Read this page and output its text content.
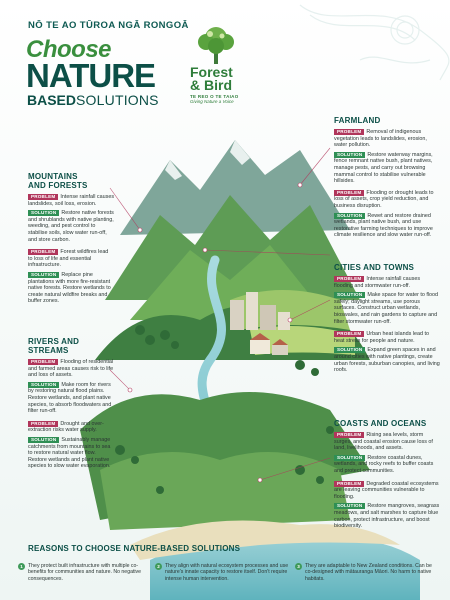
NŌ TE AO TŪROA NGĀ RONGOĀ
Choose
NATURE
BASEDSOLUTIONS
Forest
& Bird
TE REO O TE TAIAO
Giving Nature a Voice
FARMLAND
PROBLEM Removal of indigenous vegetation leads to landslides, erosion, water pollution.
SOLUTION Restore waterway margins, fence remnant native bush, plant natives, manage pests, and carry out browsing mammal control to stabilise vulnerable hillsides.
PROBLEM Flooding or drought leads to loss of assets, crop yield reduction, and business disruption.
SOLUTION Rewet and restore drained wetlands, plant native bush, and use restorative farming techniques to improve climate resilience and slow water run-off.
MOUNTAINS
AND FORESTS
PROBLEM Intense rainfall causes landslides, soil loss, erosion.
SOLUTION Restore native forests and shrublands with native planting, weeding, and pest control to stabilise soils, slow water run-off, and store carbon.
PROBLEM Forest wildfires lead to loss of life and essential infrastructure.
SOLUTION Replace pine plantations with more fire-resistant native forests. Restore wetlands to create natural wildfire breaks and buffer zones.
CITIES AND TOWNS
PROBLEM Intense rainfall causes flooding and stormwater run-off.
SOLUTION Make space for water to flood safely; daylight streams, use porous surfaces. Construct urban wetlands, bioswales, and rain gardens to capture and filter stormwater run-off.
PROBLEM Urban heat islands lead to heat stress for people and nature.
SOLUTION Expand green spaces in and around cities with native plantings, create urban forests, suburban canopies, and living roofs.
RIVERS AND
STREAMS
PROBLEM Flooding of residential and farmed areas causes risk to life and loss of assets.
SOLUTION Make room for rivers by restoring natural flood plains. Restore wetlands, and plant native species, to absorb floodwaters and filter run-off.
PROBLEM Drought and over-extraction risks water supply.
SOLUTION Sustainably manage catchments from mountains to sea to restore natural water flow. Restore wetlands and plant native species to slow water evaporation.
COASTS AND OCEANS
PROBLEM Rising sea levels, storm surges, and coastal erosion cause loss of land, livelihoods, and assets.
SOLUTION Restore coastal dunes, wetlands, and rocky reefs to buffer coasts and protect communities.
PROBLEM Degraded coastal ecosystems are leaving communities vulnerable to flooding.
SOLUTION Restore mangroves, seagrass meadows, and salt marshes to capture blue carbon, protect infrastructure, and boost biodiversity.
REASONS TO CHOOSE NATURE-BASED SOLUTIONS
1	They protect built infrastructure with multiple co-benefits for communities and nature. No negative consequences.
2	They align with natural ecosystem processes and use nature's innate capacity to restore itself. Don't require intense human intervention.
3	They are adaptable to New Zealand conditions. Can be co-designed with mātauranga Māori. No harm to native habitats.
